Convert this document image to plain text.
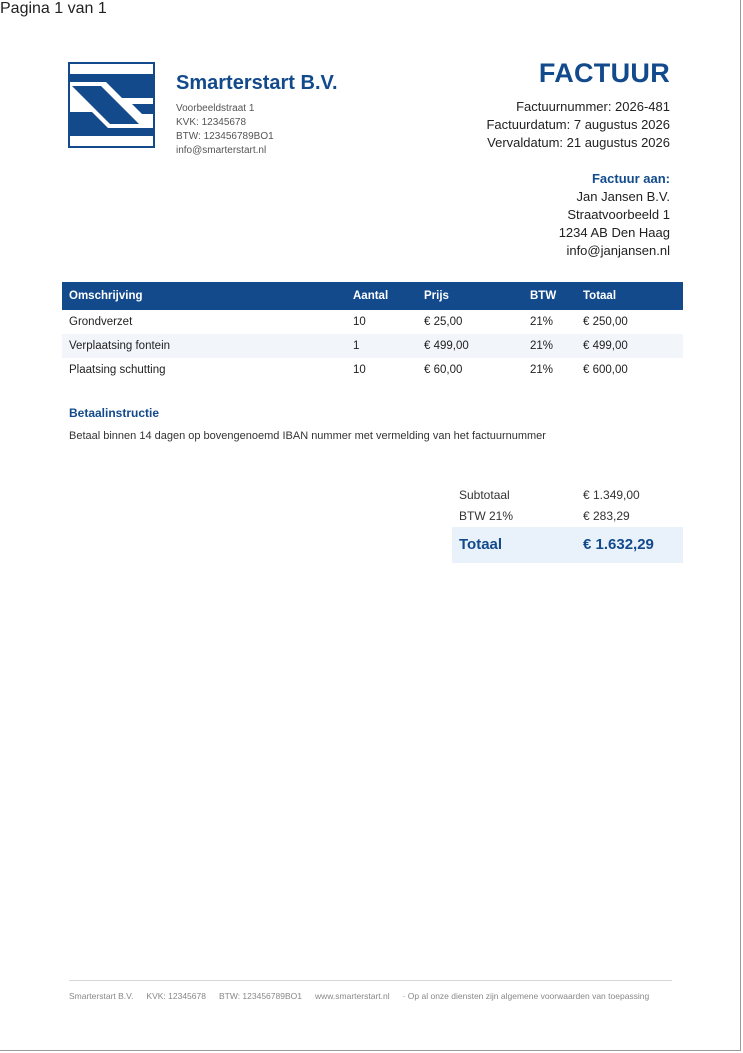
Smarterstart B.V.
Voorbeeldstraat 1
KVK: 12345678
BTW: 123456789BO1
info@smarterstart.nl
FACTUUR
Factuurnummer: 2026-481
Factuurdatum: 7 augustus 2026
Vervaldatum: 21 augustus 2026
Factuur aan:
Jan Jansen B.V.
Straatvoorbeeld 1
1234 AB Den Haag
info@janjansen.nl
Omschrijving	Aantal	Prijs	BTW	Totaal
Grondverzet	10	€ 25,00	21%	€ 250,00
Verplaatsing fontein	1	€ 499,00	21%	€ 499,00
Plaatsing schutting	10	€ 60,00	21%	€ 600,00
Betaalinstructie
Betaal binnen 14 dagen op bovengenoemd IBAN nummer met vermelding van het factuurnummer
Subtotaal	€ 1.349,00
BTW 21%	€ 283,29
Totaal	€ 1.632,29
Smarterstart B.V. KVK: 12345678 BTW: 123456789BO1 www.smarterstart.nl · Op al onze diensten zijn algemene voorwaarden van toepassing
Pagina 1 van 1
